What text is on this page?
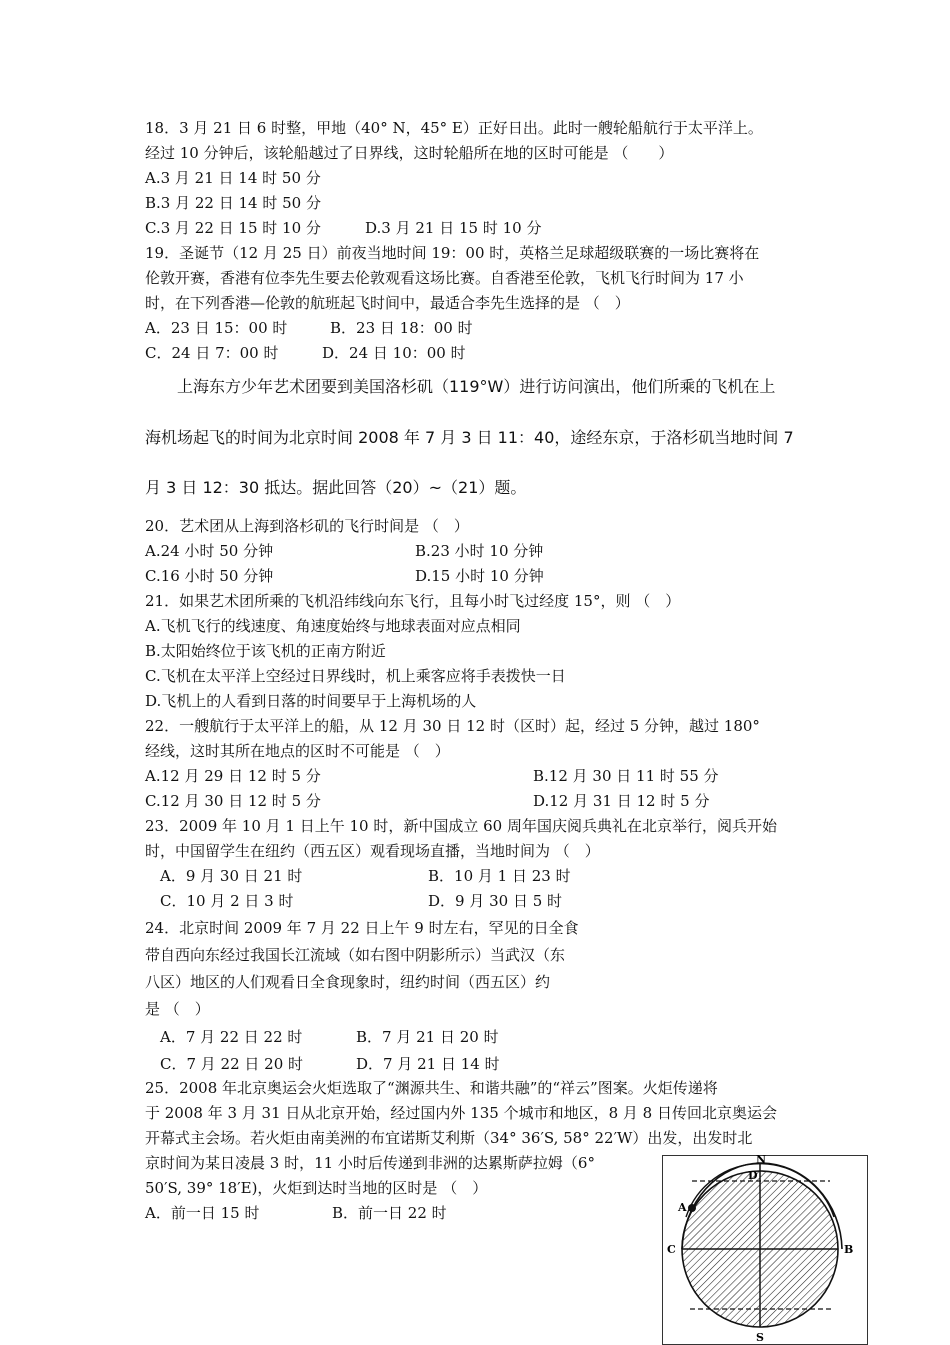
18．3 月 21 日 6 时整，甲地（40° N，45° E）正好日出。此时一艘轮船航行于太平洋上。
经过 10 分钟后，该轮船越过了日界线，这时轮船所在地的区时可能是 （　　）
A.3 月 21 日 14 时 50 分
B.3 月 22 日 14 时 50 分
C.3 月 22 日 15 时 10 分	D.3 月 21 日 15 时 10 分
19．圣诞节（12 月 25 日）前夜当地时间 19：00 时，英格兰足球超级联赛的一场比赛将在
伦敦开赛，香港有位李先生要去伦敦观看这场比赛。自香港至伦敦，飞机飞行时间为 17 小
时，在下列香港—伦敦的航班起飞时间中，最适合李先生选择的是 （　）
A．23 日 15：00 时	B．23 日 18：00 时
C．24 日 7：00 时	D．24 日 10：00 时
上海东方少年艺术团要到美国洛杉矶（119°W）进行访问演出，他们所乘的飞机在上
海机场起飞的时间为北京时间 2008 年 7 月 3 日 11：40，途经东京，于洛杉矶当地时间 7
月 3 日 12：30 抵达。据此回答（20）~（21）题。
20．艺术团从上海到洛杉矶的飞行时间是 （　）
A.24 小时 50 分钟	B.23 小时 10 分钟
C.16 小时 50 分钟	D.15 小时 10 分钟
21．如果艺术团所乘的飞机沿纬线向东飞行，且每小时飞过经度 15°，则 （　）
A.飞机飞行的线速度、角速度始终与地球表面对应点相同
B.太阳始终位于该飞机的正南方附近
C.飞机在太平洋上空经过日界线时，机上乘客应将手表拨快一日
D.飞机上的人看到日落的时间要早于上海机场的人
22．一艘航行于太平洋上的船，从 12 月 30 日 12 时（区时）起，经过 5 分钟，越过 180°
经线，这时其所在地点的区时不可能是 （　）
A.12 月 29 日 12 时 5 分	B.12 月 30 日 11 时 55 分
C.12 月 30 日 12 时 5 分	D.12 月 31 日 12 时 5 分
23．2009 年 10 月 1 日上午 10 时，新中国成立 60 周年国庆阅兵典礼在北京举行，阅兵开始
时，中国留学生在纽约（西五区）观看现场直播，当地时间为 （　）
A．9 月 30 日 21 时	B．10 月 1 日 23 时
C．10 月 2 日 3 时	D．9 月 30 日 5 时
24．北京时间 2009 年 7 月 22 日上午 9 时左右，罕见的日全食
带自西向东经过我国长江流域（如右图中阴影所示）当武汉（东
八区）地区的人们观看日全食现象时，纽约时间（西五区）约
是 （　）
A．7 月 22 日 22 时	B．7 月 21 日 20 时
C．7 月 22 日 20 时	D．7 月 21 日 14 时
25．2008 年北京奥运会火炬选取了“渊源共生、和谐共融”的“祥云”图案。火炬传递将
于 2008 年 3 月 31 日从北京开始，经过国内外 135 个城市和地区，8 月 8 日传回北京奥运会
开幕式主会场。若火炬由南美洲的布宜诺斯艾利斯（34° 36′S, 58° 22′W）出发，出发时北
京时间为某日凌晨 3 时，11 小时后传递到非洲的达累斯萨拉姆（6°
50′S, 39° 18′E)，火炬到达时当地的区时是 （　）
A．前一日 15 时	B．前一日 22 时
N
D
A
C	B
S
